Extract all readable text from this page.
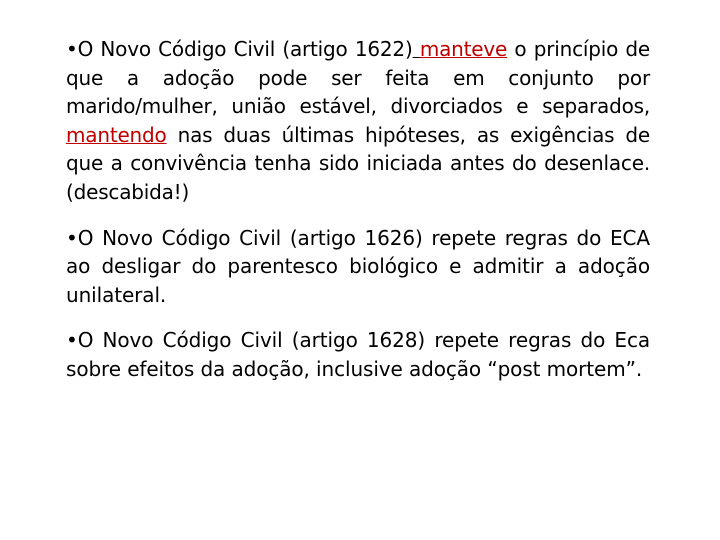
•O Novo Código Civil (artigo 1622) manteve o princípio de que a adoção pode ser feita em conjunto por marido/mulher, união estável, divorciados e separados, mantendo nas duas últimas hipóteses, as exigências de que a convivência tenha sido iniciada antes do desenlace.(descabida!)

•O Novo Código Civil (artigo 1626) repete regras do ECA ao desligar do parentesco biológico e admitir a adoção unilateral.

•O Novo Código Civil (artigo 1628) repete regras do Eca sobre efeitos da adoção, inclusive adoção “post mortem”.
